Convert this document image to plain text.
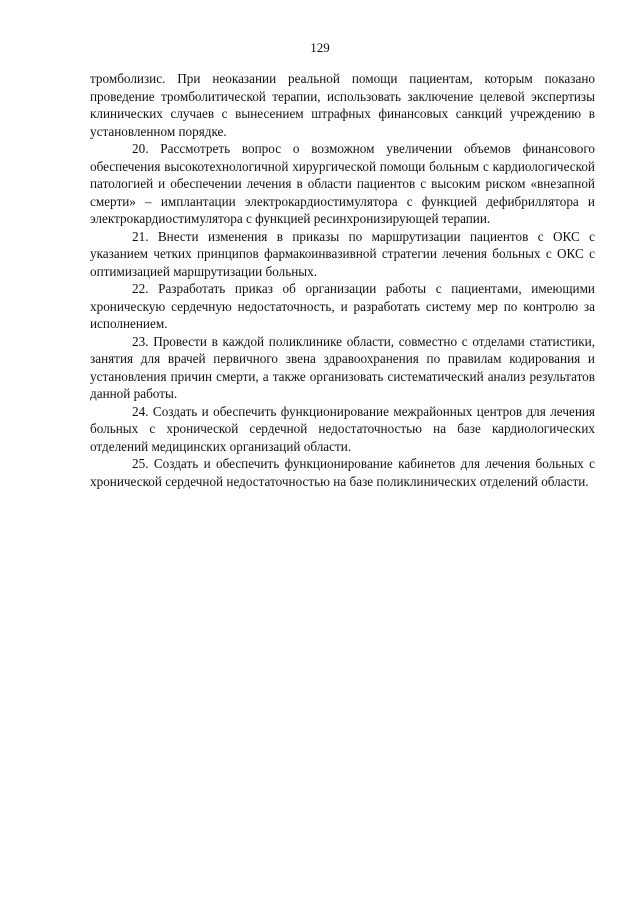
129

тромболизис. При неоказании реальной помощи пациентам, которым показано проведение тромболитической терапии, использовать заключение целевой экспертизы клинических случаев с вынесением штрафных финансовых санкций учреждению в установленном порядке.

20. Рассмотреть вопрос о возможном увеличении объемов финансового обеспечения высокотехнологичной хирургической помощи больным с кардиологической патологией и обеспечении лечения в области пациентов с высоким риском «внезапной смерти» – имплантации электрокардиостимулятора с функцией дефибриллятора и электрокардиостимулятора с функцией ресинхронизирующей терапии.

21. Внести изменения в приказы по маршрутизации пациентов с ОКС с указанием четких принципов фармакоинвазивной стратегии лечения больных с ОКС с оптимизацией маршрутизации больных.

22. Разработать приказ об организации работы с пациентами, имеющими хроническую сердечную недостаточность, и разработать систему мер по контролю за исполнением.

23. Провести в каждой поликлинике области, совместно с отделами статистики, занятия для врачей первичного звена здравоохранения по правилам кодирования и установления причин смерти, а также организовать систематический анализ результатов данной работы.

24. Создать и обеспечить функционирование межрайонных центров для лечения больных с хронической сердечной недостаточностью на базе кардиологических отделений медицинских организаций области.

25. Создать и обеспечить функционирование кабинетов для лечения больных с хронической сердечной недостаточностью на базе поликлинических отделений области.
